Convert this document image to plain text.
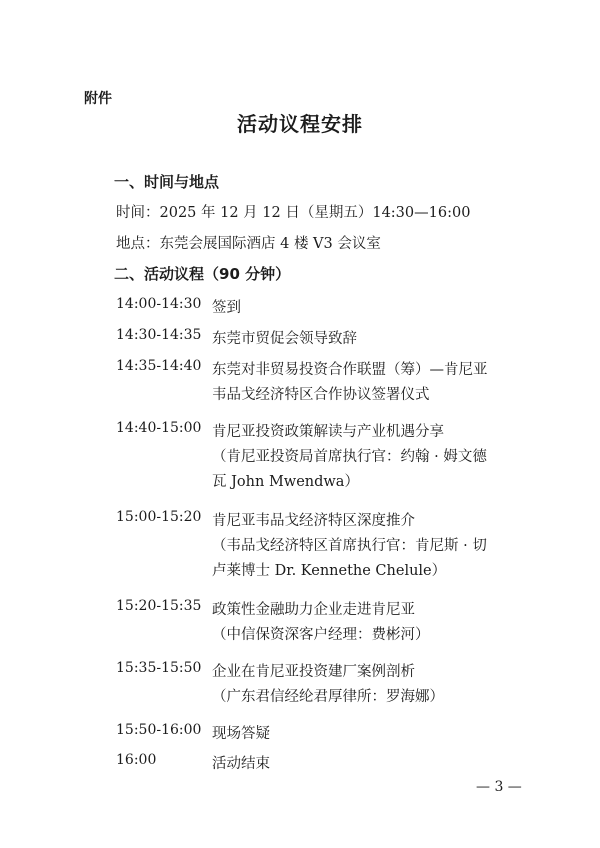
附件
活动议程安排
一、时间与地点
时间：2025 年 12 月 12 日（星期五）14:30—16:00
地点：东莞会展国际酒店 4 楼 V3 会议室
二、活动议程（90 分钟）
14:00-14:30 签到
14:30-14:35 东莞市贸促会领导致辞
14:35-14:40 东莞对非贸易投资合作联盟（筹）—肯尼亚
韦品戈经济特区合作协议签署仪式
14:40-15:00 肯尼亚投资政策解读与产业机遇分享
（肯尼亚投资局首席执行官：约翰 · 姆文德
瓦 John Mwendwa）
15:00-15:20 肯尼亚韦品戈经济特区深度推介
（韦品戈经济特区首席执行官：肯尼斯 · 切
卢莱博士 Dr. Kennethe Chelule）
15:20-15:35 政策性金融助力企业走进肯尼亚
（中信保资深客户经理：费彬河）
15:35-15:50 企业在肯尼亚投资建厂案例剖析
（广东君信经纶君厚律所：罗海娜）
15:50-16:00 现场答疑
16:00	活动结束
— 3 —
